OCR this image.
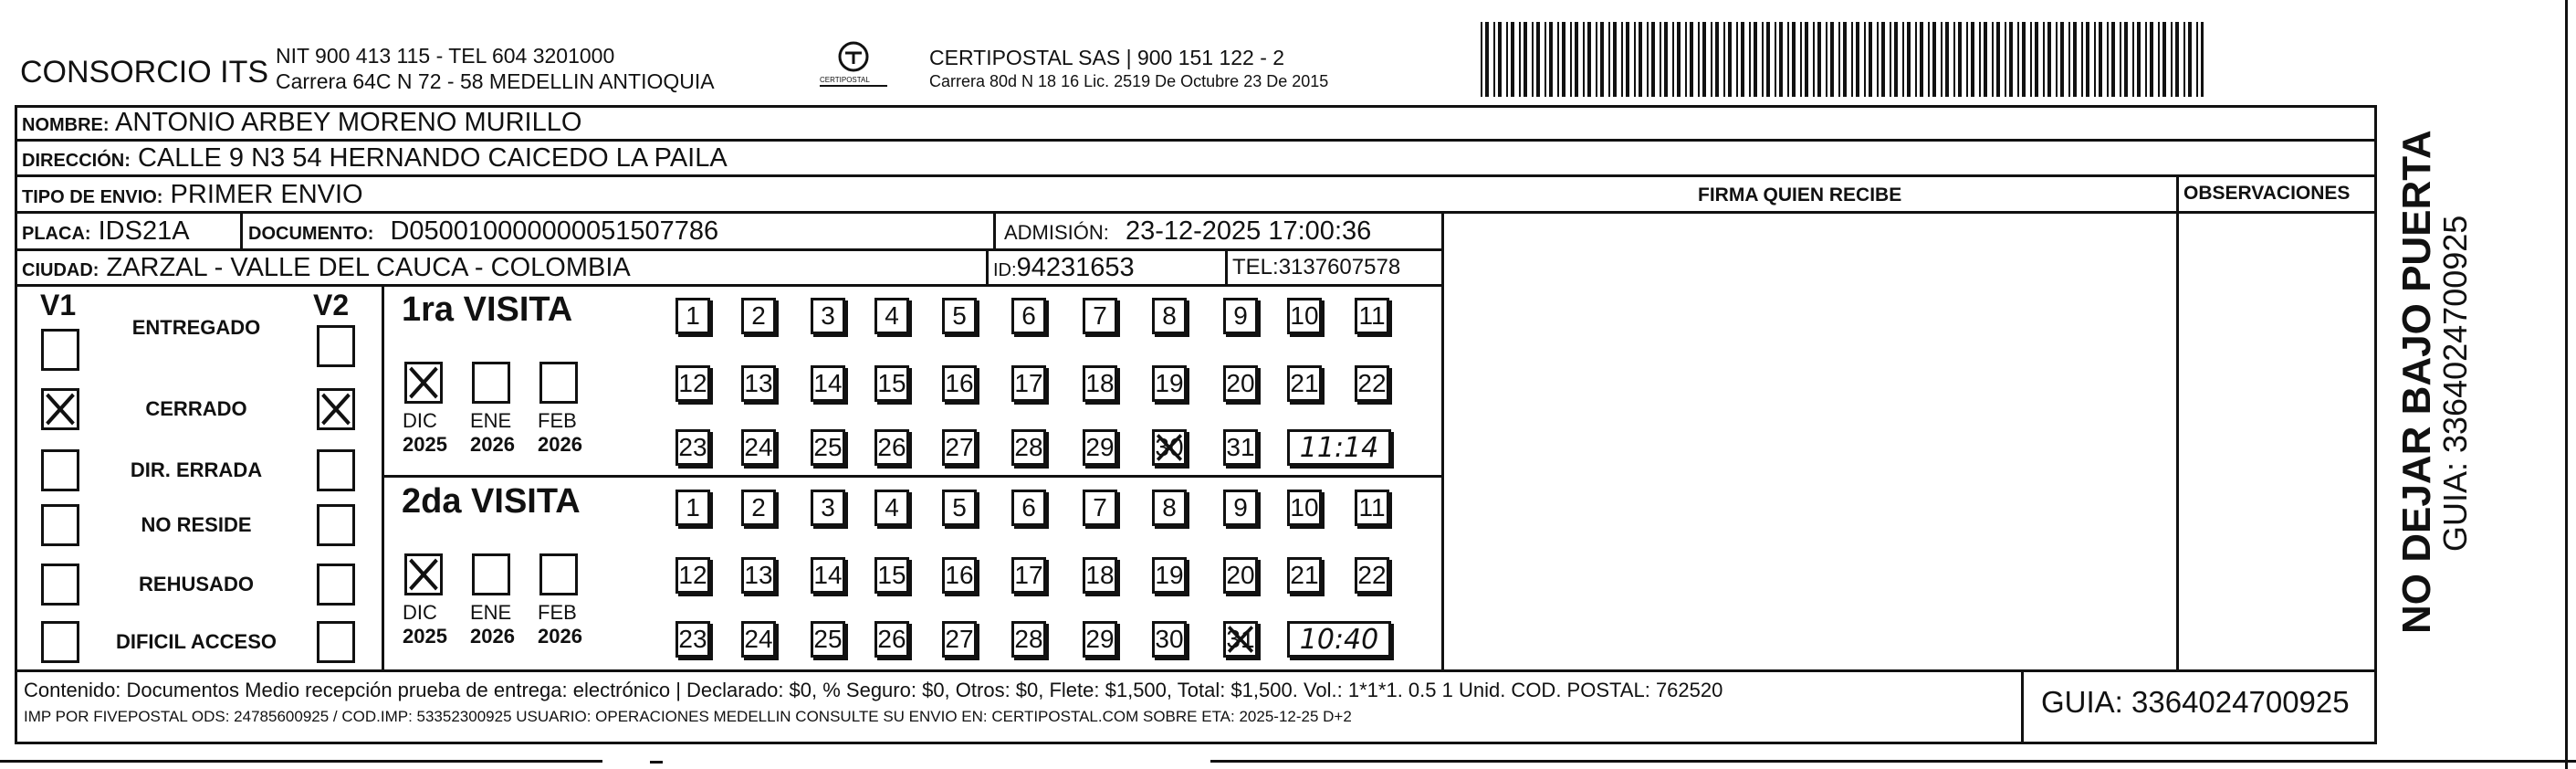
CONSORCIO ITS NIT 900 413 115 - TEL 604 3201000
Carrera 64C N 72 - 58 MEDELLIN ANTIOQUIA	CERTIPOSTAL
CERTIPOSTAL SAS | 900 151 122 - 2
Carrera 80d N 18 16 Lic. 2519 De Octubre 23 De 2015
NOMBRE: ANTONIO ARBEY MORENO MURILLO
DIRECCIÓN: CALLE 9 N3 54 HERNANDO CAICEDO LA PAILA
TIPO DE ENVIO: PRIMER ENVIO	FIRMA QUIEN RECIBE	OBSERVACIONES
PLACA: IDS21A	DOCUMENTO: D050010000000051507786	ADMISIÓN: 23-12-2025 17:00:36
CIUDAD: ZARZAL - VALLE DEL CAUCA - COLOMBIA	ID:94231653	TEL:3137607578
V1	V2
ENTREGADO
CERRADO
DIR. ERRADA
NO RESIDE
REHUSADO
DIFICIL ACCESO
1ra VISITA
DIC
2025
ENE
2026
FEB
2026
1 2 3 4 5 6 7 8 9 10 11
12 13 14 15 16 17 18 19 20 21 22
23 24 25 26 27 28 29 30 31 11:14
2da VISITA
DIC
2025
ENE
2026
FEB
2026
1 2 3 4 5 6 7 8 9 10 11
12 13 14 15 16 17 18 19 20 21 22
23 24 25 26 27 28 29 30 31 10:40
Contenido: Documentos Medio recepción prueba de entrega: electrónico | Declarado: $0, % Seguro: $0, Otros: $0, Flete: $1,500, Total: $1,500. Vol.: 1*1*1. 0.5 1 Unid. COD. POSTAL: 762520
IMP POR FIVEPOSTAL ODS: 24785600925 / COD.IMP: 53352300925 USUARIO: OPERACIONES MEDELLIN CONSULTE SU ENVIO EN: CERTIPOSTAL.COM SOBRE ETA: 2025-12-25 D+2	GUIA: 3364024700925
NO DEJAR BAJO PUERTA
GUIA: 3364024700925
